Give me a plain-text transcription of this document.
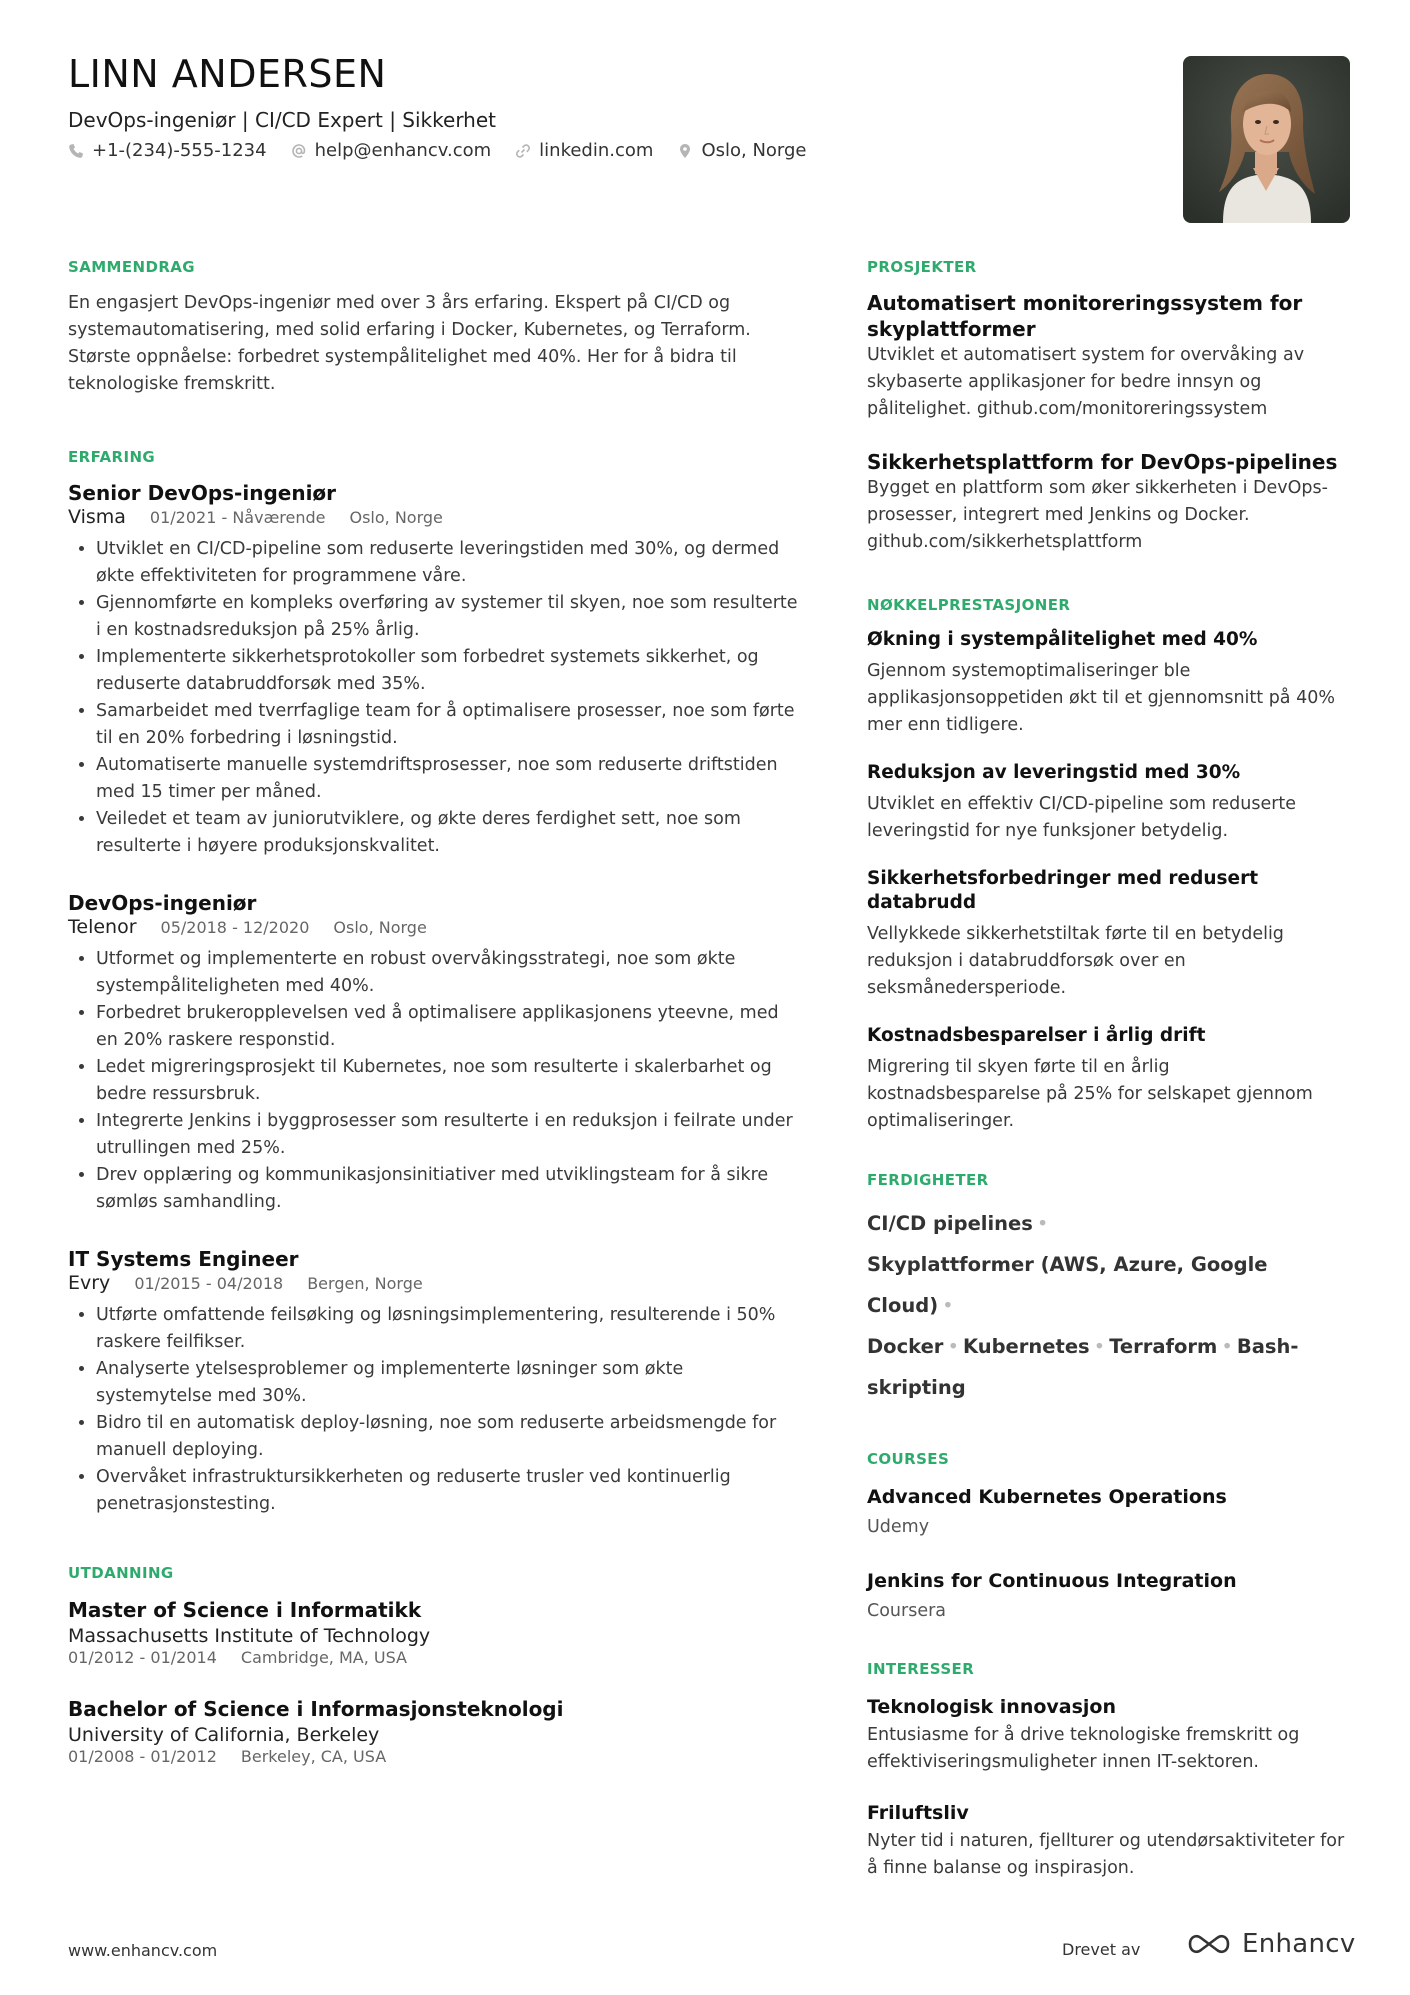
LINN ANDERSEN

DevOps-ingeniør | CI/CD Expert | Sikkerhet

+1-(234)-555-1234	help@enhancv.com	linkedin.com	Oslo, Norge
SAMMENDRAG

En engasjert DevOps-ingeniør med over 3 års erfaring. Ekspert på CI/CD og systemautomatisering, med solid erfaring i Docker, Kubernetes, og Terraform. Største oppnåelse: forbedret systempålitelighet med 40%. Her for å bidra til teknologiske fremskritt.

ERFARING
Senior DevOps-ingeniør
Visma 01/2021 - Nåværende Oslo, Norge
• Utviklet en CI/CD-pipeline som reduserte leveringstiden med 30%, og dermed økte effektiviteten for programmene våre.
• Gjennomførte en kompleks overføring av systemer til skyen, noe som resulterte i en kostnadsreduksjon på 25% årlig.
• Implementerte sikkerhetsprotokoller som forbedret systemets sikkerhet, og reduserte databruddforsøk med 35%.
• Samarbeidet med tverrfaglige team for å optimalisere prosesser, noe som førte til en 20% forbedring i løsningstid.
• Automatiserte manuelle systemdriftsprosesser, noe som reduserte driftstiden med 15 timer per måned.
• Veiledet et team av juniorutviklere, og økte deres ferdighet sett, noe som resulterte i høyere produksjonskvalitet.
DevOps-ingeniør
Telenor 05/2018 - 12/2020 Oslo, Norge
• Utformet og implementerte en robust overvåkingsstrategi, noe som økte systempåliteligheten med 40%.
• Forbedret brukeropplevelsen ved å optimalisere applikasjonens yteevne, med en 20% raskere responstid.
• Ledet migreringsprosjekt til Kubernetes, noe som resulterte i skalerbarhet og bedre ressursbruk.
• Integrerte Jenkins i byggprosesser som resulterte i en reduksjon i feilrate under utrullingen med 25%.
• Drev opplæring og kommunikasjonsinitiativer med utviklingsteam for å sikre sømløs samhandling.
IT Systems Engineer
Evry 01/2015 - 04/2018 Bergen, Norge
• Utførte omfattende feilsøking og løsningsimplementering, resulterende i 50% raskere feilfikser.
• Analyserte ytelsesproblemer og implementerte løsninger som økte systemytelse med 30%.
• Bidro til en automatisk deploy-løsning, noe som reduserte arbeidsmengde for manuell deploying.
• Overvåket infrastruktursikkerheten og reduserte trusler ved kontinuerlig penetrasjonstesting.
UTDANNING
Master of Science i Informatikk
Massachusetts Institute of Technology
01/2012 - 01/2014 Cambridge, MA, USA
Bachelor of Science i Informasjonsteknologi
University of California, Berkeley
01/2008 - 01/2012 Berkeley, CA, USA
PROSJEKTER
Automatisert monitoreringssystem for skyplattformer

Utviklet et automatisert system for overvåking av skybaserte applikasjoner for bedre innsyn og pålitelighet. github.com/monitoreringssystem

Sikkerhetsplattform for DevOps-pipelines

Bygget en plattform som øker sikkerheten i DevOps-prosesser, integrert med Jenkins og Docker. github.com/sikkerhetsplattform

NØKKELPRESTASJONER
Økning i systempålitelighet med 40%

Gjennom systemoptimaliseringer ble applikasjonsoppetiden økt til et gjennomsnitt på 40% mer enn tidligere.

Reduksjon av leveringstid med 30%

Utviklet en effektiv CI/CD-pipeline som reduserte leveringstid for nye funksjoner betydelig.

Sikkerhetsforbedringer med redusert databrudd

Vellykkede sikkerhetstiltak førte til en betydelig reduksjon i databruddforsøk over en seksmånedersperiode.

Kostnadsbesparelser i årlig drift

Migrering til skyen førte til en årlig kostnadsbesparelse på 25% for selskapet gjennom optimaliseringer.

FERDIGHETER
CI/CD pipelines •
Skyplattformer (AWS, Azure, Google Cloud) •
Docker • Kubernetes • Terraform • Bash-skripting
COURSES
Advanced Kubernetes Operations
Udemy
Jenkins for Continuous Integration
Coursera
INTERESSER
Teknologisk innovasjon

Entusiasme for å drive teknologiske fremskritt og effektiviseringsmuligheter innen IT-sektoren.

Friluftsliv

Nyter tid i naturen, fjellturer og utendørsaktiviteter for å finne balanse og inspirasjon.

www.enhancv.com	Drevet av	Enhancv
